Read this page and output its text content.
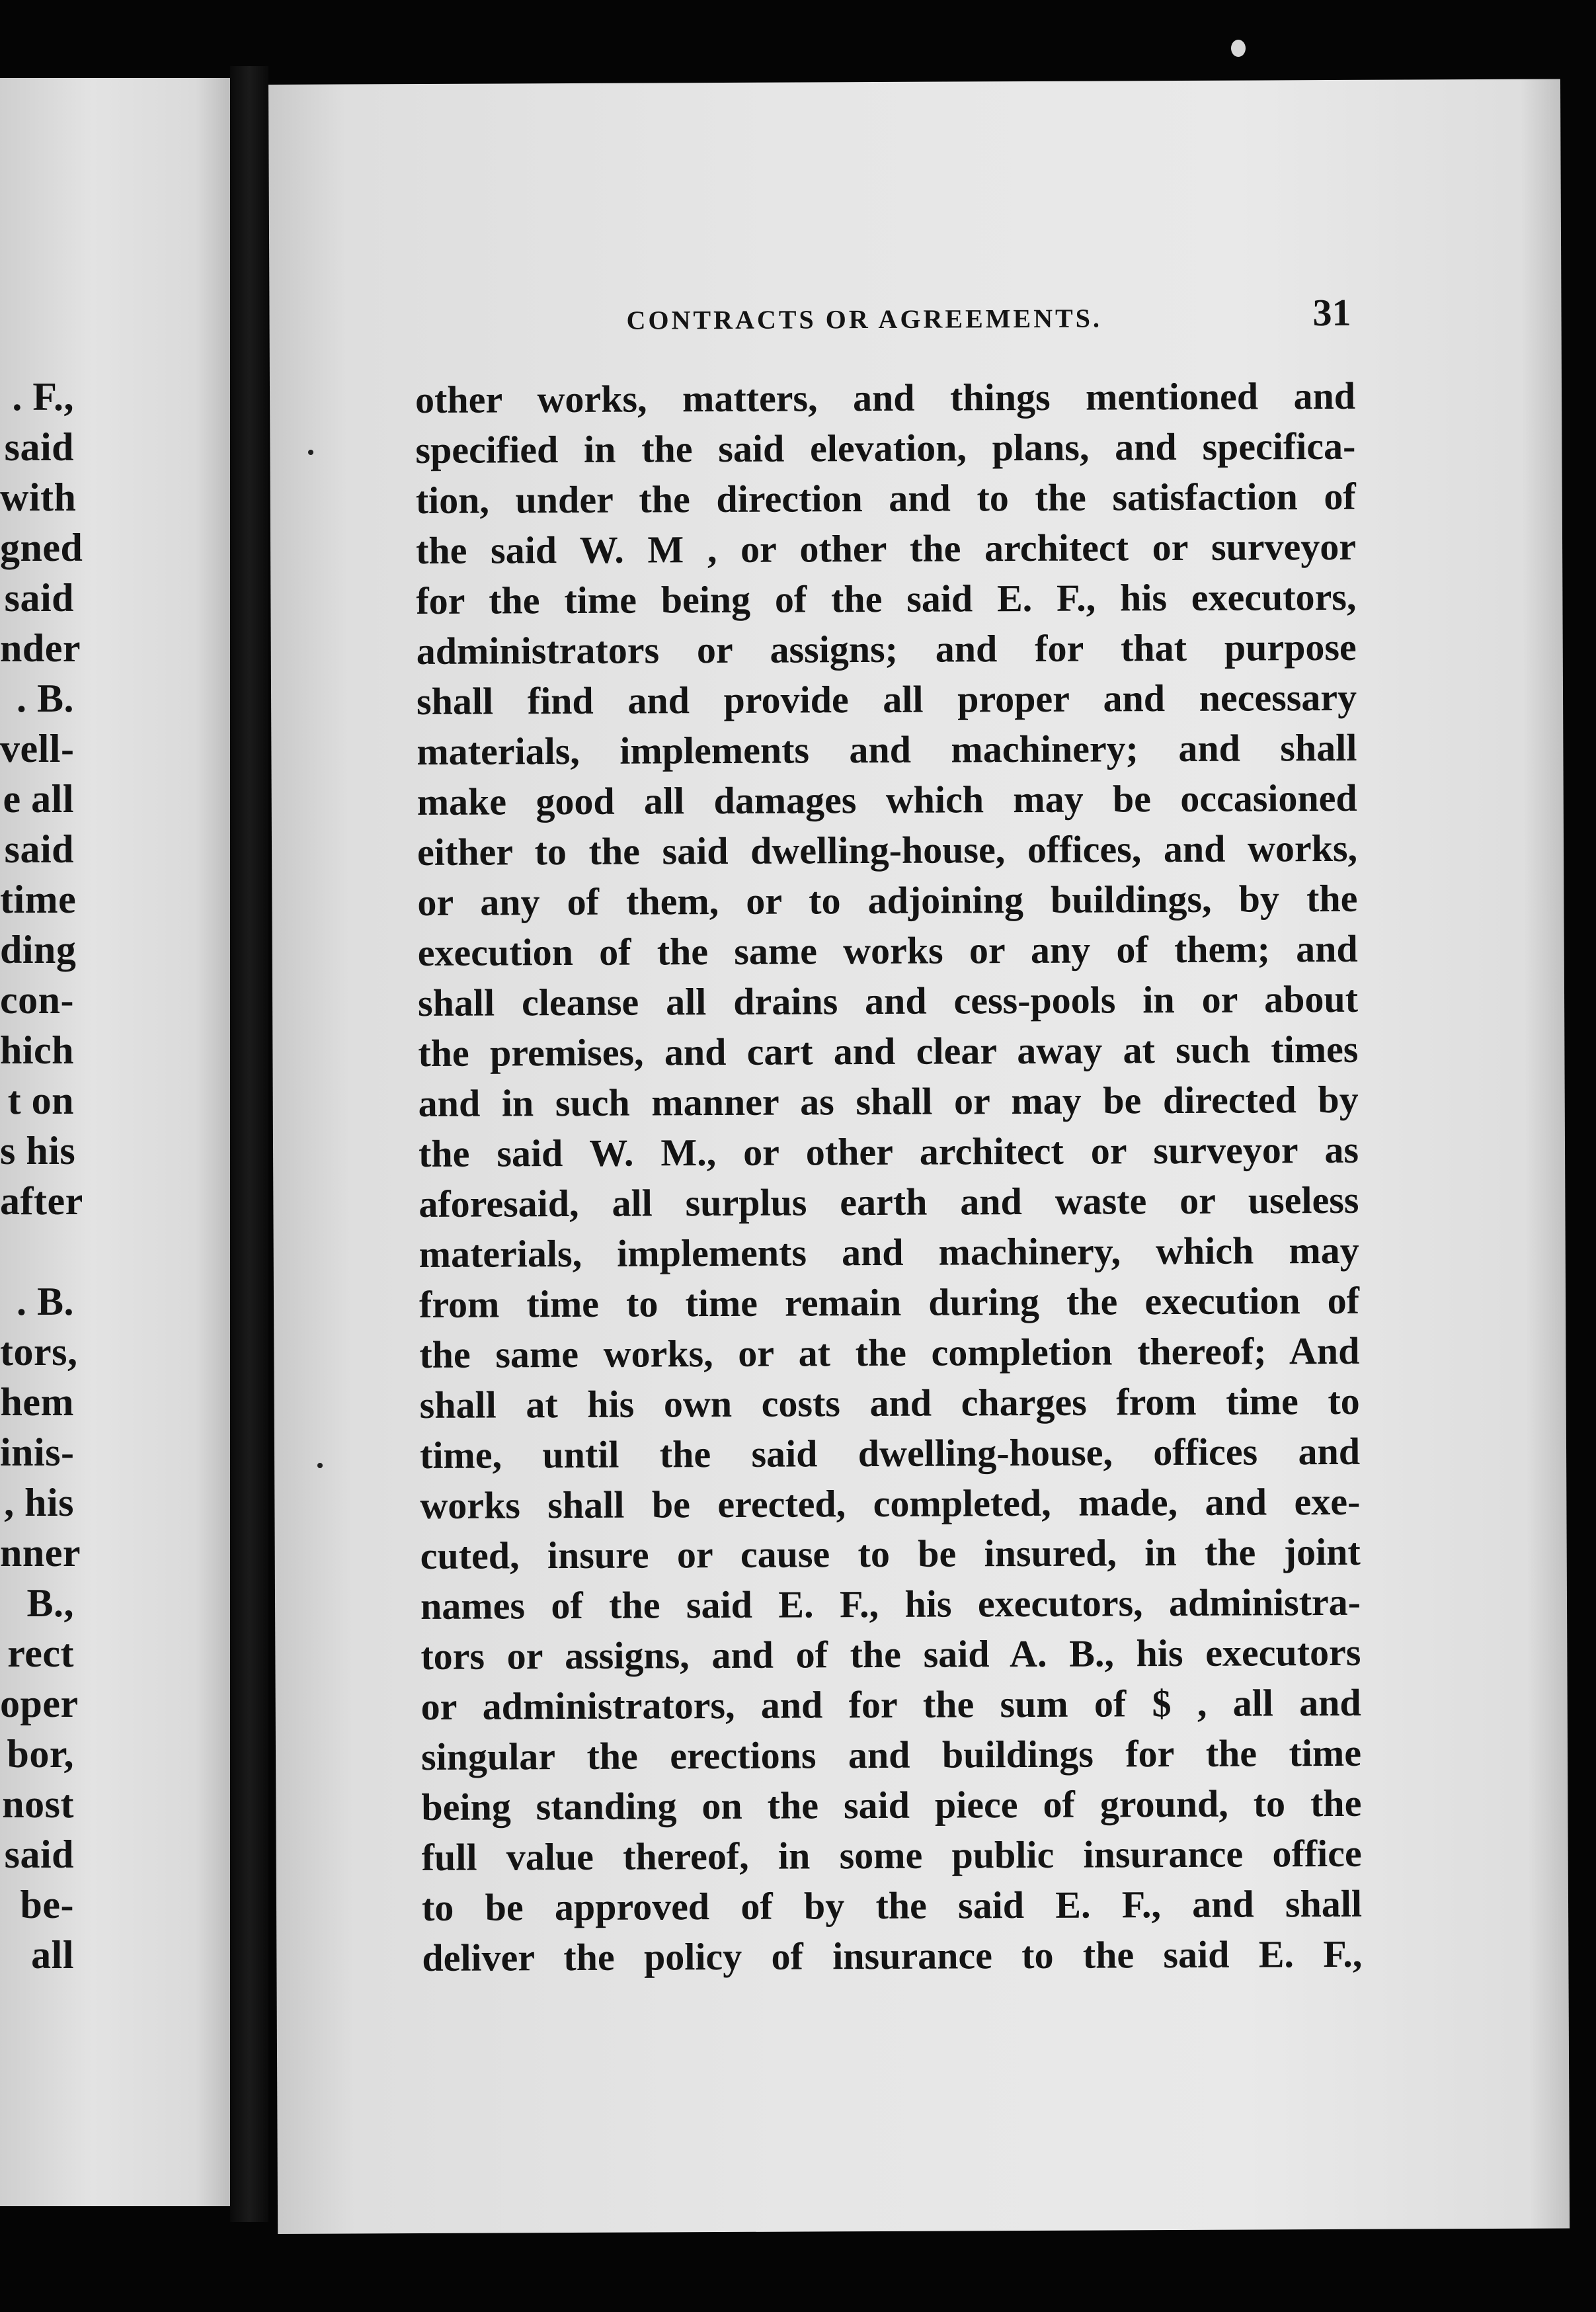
. F.,
said
with
gned
said
nder
. B.
vell-
e all
said
time
ding
con-
hich
t on
s his
after
. B.
tors,
hem
inis-
, his
nner
B.,
rect
oper
bor,
nost
said
be-
all
CONTRACTS OR AGREEMENTS.	31
other works, matters, and things mentioned and
specified in the said elevation, plans, and specifica-
tion, under the direction and to the satisfaction of
the said W. M , or other the architect or surveyor
for the time being of the said E. F., his executors,
administrators or assigns; and for that purpose
shall find and provide all proper and necessary
materials, implements and machinery; and shall
make good all damages which may be occasioned
either to the said dwelling-house, offices, and works,
or any of them, or to adjoining buildings, by the
execution of the same works or any of them; and
shall cleanse all drains and cess-pools in or about
the premises, and cart and clear away at such times
and in such manner as shall or may be directed by
the said W. M., or other architect or surveyor as
aforesaid, all surplus earth and waste or useless
materials, implements and machinery, which may
from time to time remain during the execution of
the same works, or at the completion thereof; And
shall at his own costs and charges from time to
time, until the said dwelling-house, offices and
works shall be erected, completed, made, and exe-
cuted, insure or cause to be insured, in the joint
names of the said E. F., his executors, administra-
tors or assigns, and of the said A. B., his executors
or administrators, and for the sum of $ , all and
singular the erections and buildings for the time
being standing on the said piece of ground, to the
full value thereof, in some public insurance office
to be approved of by the said E. F., and shall
deliver the policy of insurance to the said E. F.,
